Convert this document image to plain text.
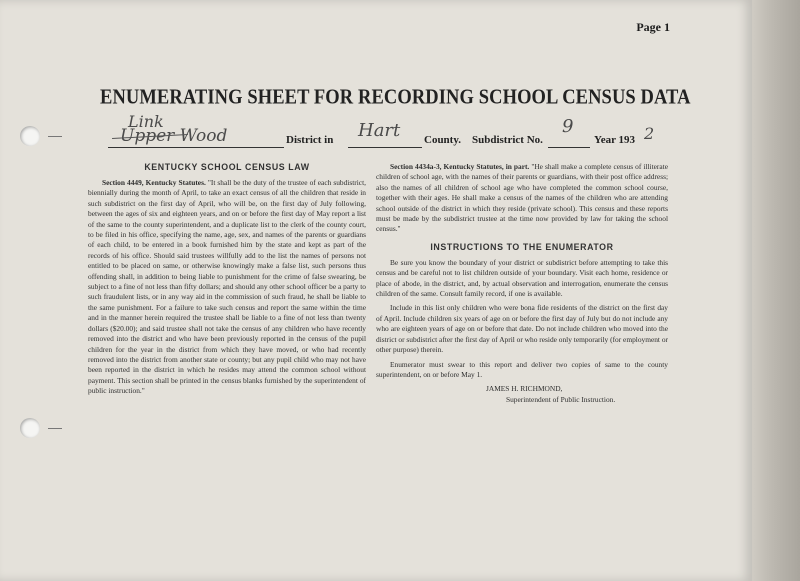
Page 1
ENUMERATING SHEET FOR RECORDING SCHOOL CENSUS DATA
Link
Upper Wood	District in Hart County. Subdistrict No.
9
Year 193 2
KENTUCKY SCHOOL CENSUS LAW

Section 4449, Kentucky Statutes. "It shall be the duty of the trustee of each subdistrict, biennially during the month of April, to take an exact census of all the children that reside in such subdistrict on the first day of April, who will be, on the first day of July following, between the ages of six and eighteen years, and on or before the first day of May report a list of the same to the county superintendent, and a duplicate list to the clerk of the county court, to be filed in his office, specifying the name, age, sex, and names of the parents or guardians of each child, to be entered in a book furnished him by the state and kept as part of the records of his office. Should said trustees willfully add to the list the names of persons not entitled to be placed on same, or otherwise knowingly make a false list, such persons thus offending shall, in addition to being liable to punishment for the crime of false swearing, be subject to a fine of not less than fifty dollars; and should any other school officer be a party to such fraudulent lists, or in any way aid in the commission of such fraud, he shall be liable to the same punishment. For a failure to take such census and report the same within the time and in the manner herein required the trustee shall be liable to a fine of not less than twenty dollars ($20.00); and said trustee shall not take the census of any children who have recently removed into the district and who have been previously reported in the census of the pupil children for the year in the district from which they have moved, or who had recently removed into the district from another state or county; but any pupil child who may not have been reported in the district in which he resides may attend the common school without payment. This section shall be printed in the census blanks furnished by the superintendent of public instruction."

Section 4434a-3, Kentucky Statutes, in part. "He shall make a complete census of illiterate children of school age, with the names of their parents or guardians, with their post office address; also the names of all children of school age who have completed the common school course, together with their ages. He shall make a census of the names of the children who are attending school outside of the district in which they reside (private school). This census and these reports must be made by the subdistrict trustee at the time now provided by law for taking the school census."

INSTRUCTIONS TO THE ENUMERATOR

Be sure you know the boundary of your district or subdistrict before attempting to take this census and be careful not to list children outside of your boundary. Visit each home, residence or place of abode, in the district, and, by actual observation and interrogation, enumerate the census children of the same. Consult family record, if one is available.

Include in this list only children who were bona fide residents of the district on the first day of April. Include children six years of age on or before the first day of July but do not include any who are eighteen years of age on or before that date. Do not include children who moved into the district or subdistrict after the first day of April or who reside only temporarily (for employment or other purpose) therein.

Enumerator must swear to this report and deliver two copies of same to the county superintendent, on or before May 1.

JAMES H. RICHMOND,
Superintendent of Public Instruction.
